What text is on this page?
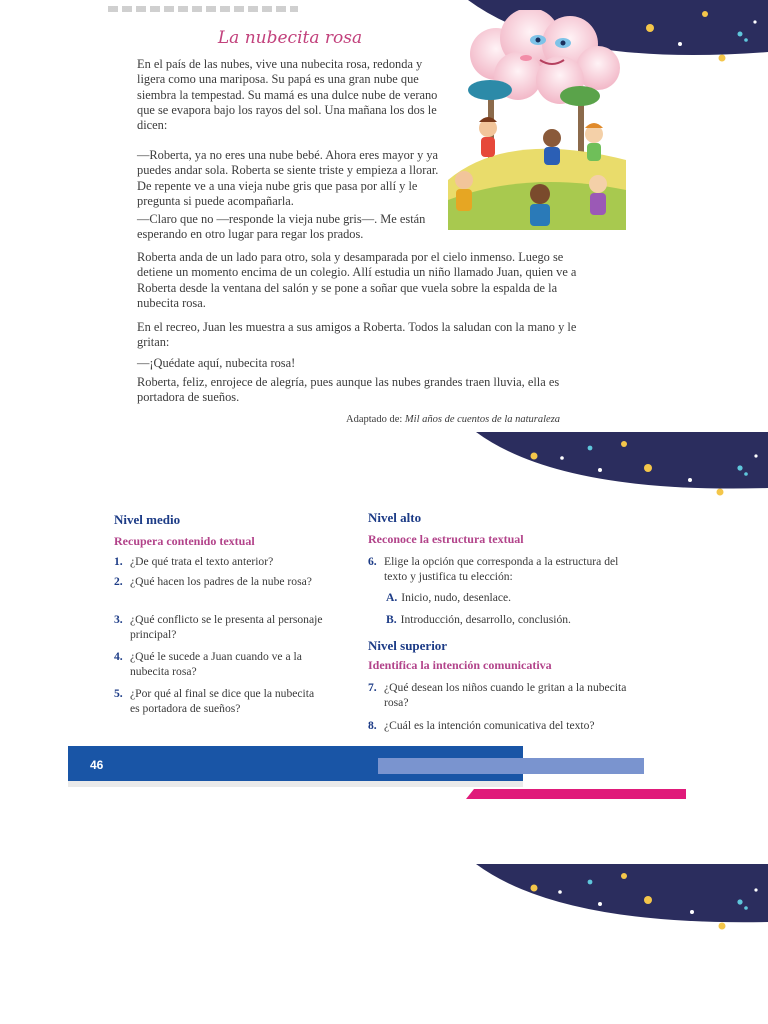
La nubecita rosa

En el país de las nubes, vive una nubecita rosa, redonda y ligera como una mariposa. Su papá es una gran nube que siembra la tempestad. Su mamá es una dulce nube de verano que se evapora bajo los rayos del sol. Una mañana los dos le dicen:

—Roberta, ya no eres una nube bebé. Ahora eres mayor y ya puedes andar sola. Roberta se siente triste y empieza a llorar. De repente ve a una vieja nube gris que pasa por allí y le pregunta si puede acompañarla.

—Claro que no —responde la vieja nube gris—. Me están esperando en otro lugar para regar los prados.

Roberta anda de un lado para otro, sola y desamparada por el cielo inmenso. Luego se detiene un momento encima de un colegio. Allí estudia un niño llamado Juan, quien ve a Roberta desde la ventana del salón y se pone a soñar que vuela sobre la espalda de la nubecita rosa.

En el recreo, Juan les muestra a sus amigos a Roberta. Todos la saludan con la mano y le gritan:

—¡Quédate aquí, nubecita rosa!

Roberta, feliz, enrojece de alegría, pues aunque las nubes grandes traen lluvia, ella es portadora de sueños.

Adaptado de: Mil años de cuentos de la naturaleza
Nivel medio
Recupera contenido textual
1. ¿De qué trata el texto anterior?
2. ¿Qué hacen los padres de la nube rosa?
3. ¿Qué conflicto se le presenta al personaje principal?
4. ¿Qué le sucede a Juan cuando ve a la nubecita rosa?
5. ¿Por qué al final se dice que la nubecita es portadora de sueños?
Nivel alto
Reconoce la estructura textual
6. Elige la opción que corresponda a la estructura del texto y justifica tu elección:
A. Inicio, nudo, desenlace.
B. Introducción, desarrollo, conclusión.
Nivel superior
Identifica la intención comunicativa
7. ¿Qué desean los niños cuando le gritan a la nubecita rosa?
8. ¿Cuál es la intención comunicativa del texto?
46
